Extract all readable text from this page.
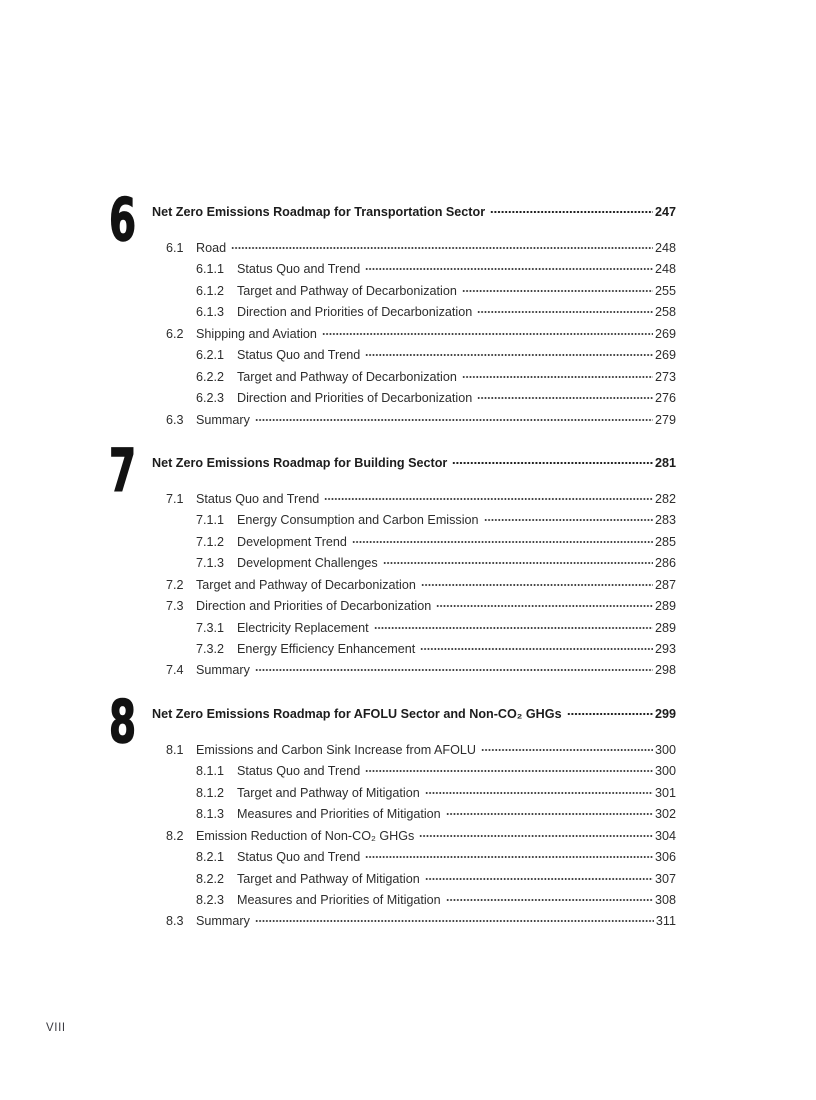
6 Net Zero Emissions Roadmap for Transportation Sector	247
6.1 Road	248
6.1.1	Status Quo and Trend	248
6.1.2	Target and Pathway of Decarbonization	255
6.1.3	Direction and Priorities of Decarbonization	258
6.2 Shipping and Aviation	269
6.2.1	Status Quo and Trend	269
6.2.2	Target and Pathway of Decarbonization	273
6.2.3	Direction and Priorities of Decarbonization	276
6.3 Summary	279
7 Net Zero Emissions Roadmap for Building Sector	281
7.1 Status Quo and Trend	282
7.1.1	Energy Consumption and Carbon Emission	283
7.1.2	Development Trend	285
7.1.3	Development Challenges	286
7.2 Target and Pathway of Decarbonization	287
7.3 Direction and Priorities of Decarbonization	289
7.3.1	Electricity Replacement	289
7.3.2	Energy Efficiency Enhancement	293
7.4 Summary	298
8 Net Zero Emissions Roadmap for AFOLU Sector and Non-CO₂ GHGs	299
8.1 Emissions and Carbon Sink Increase from AFOLU	300
8.1.1	Status Quo and Trend	300
8.1.2	Target and Pathway of Mitigation	301
8.1.3	Measures and Priorities of Mitigation	302
8.2 Emission Reduction of Non-CO₂ GHGs	304
8.2.1	Status Quo and Trend	306
8.2.2	Target and Pathway of Mitigation	307
8.2.3	Measures and Priorities of Mitigation	308
8.3 Summary	311
VIII
